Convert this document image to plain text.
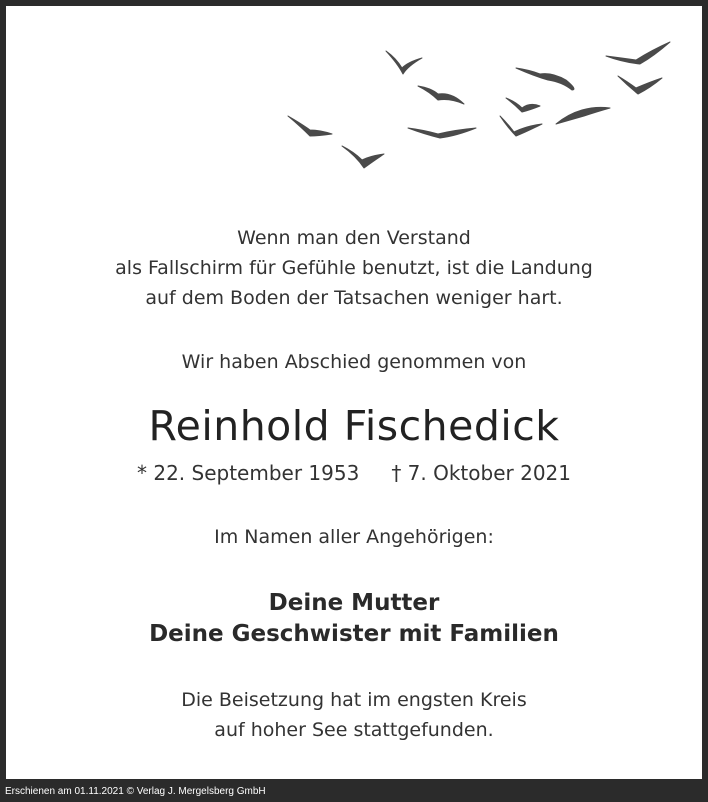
Wenn man den Verstand
als Fallschirm für Gefühle benutzt, ist die Landung
auf dem Boden der Tatsachen weniger hart.
Wir haben Abschied genommen von
Reinhold Fischedick
* 22. September 1953 † 7. Oktober 2021
Im Namen aller Angehörigen:
Deine Mutter
Deine Geschwister mit Familien
Die Beisetzung hat im engsten Kreis
auf hoher See stattgefunden.
Erschienen am 01.11.2021 © Verlag J. Mergelsberg GmbH
